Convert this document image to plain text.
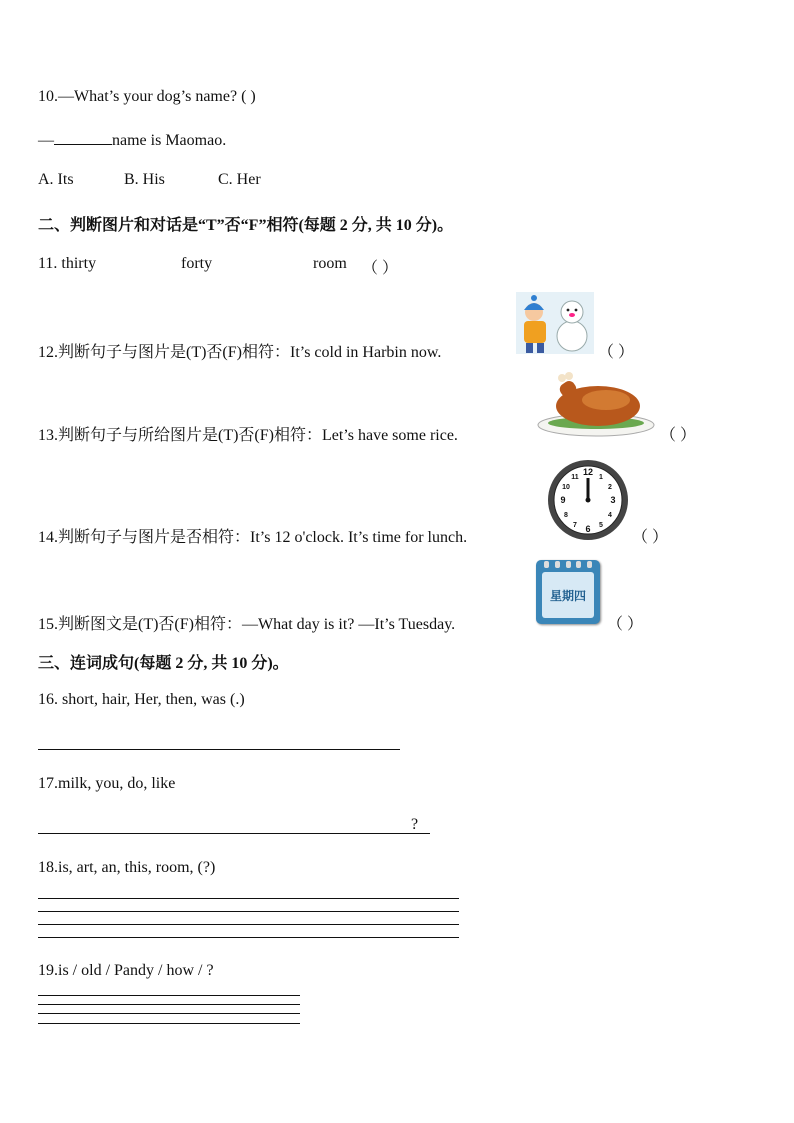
10.—What’s your dog’s name? ( )
—	name is Maomao.
A. Its	B. His	C. Her
二、判断图片和对话是“T”否“F”相符(每题 2 分, 共 10 分)。
11. thirty	forty	room （ ）
12.判断句子与图片是(T)否(F)相符：It’s cold in Harbin now.	（ ）
13.判断句子与所给图片是(T)否(F)相符：Let’s have some rice.	（ ）
14.判断句子与图片是否相符：It’s 12 o'clock. It’s time for lunch.
12
3
6
9
1
2
4
5
7
8
10
11
（ ）
15.判断图文是(T)否(F)相符：—What day is it? —It’s Tuesday.
星期四
（ ）
三、连词成句(每题 2 分, 共 10 分)。
16. short, hair, Her, then, was (.)
17.milk, you, do, like
?
18.is, art, an, this, room, (?)
19.is / old / Pandy / how / ?
